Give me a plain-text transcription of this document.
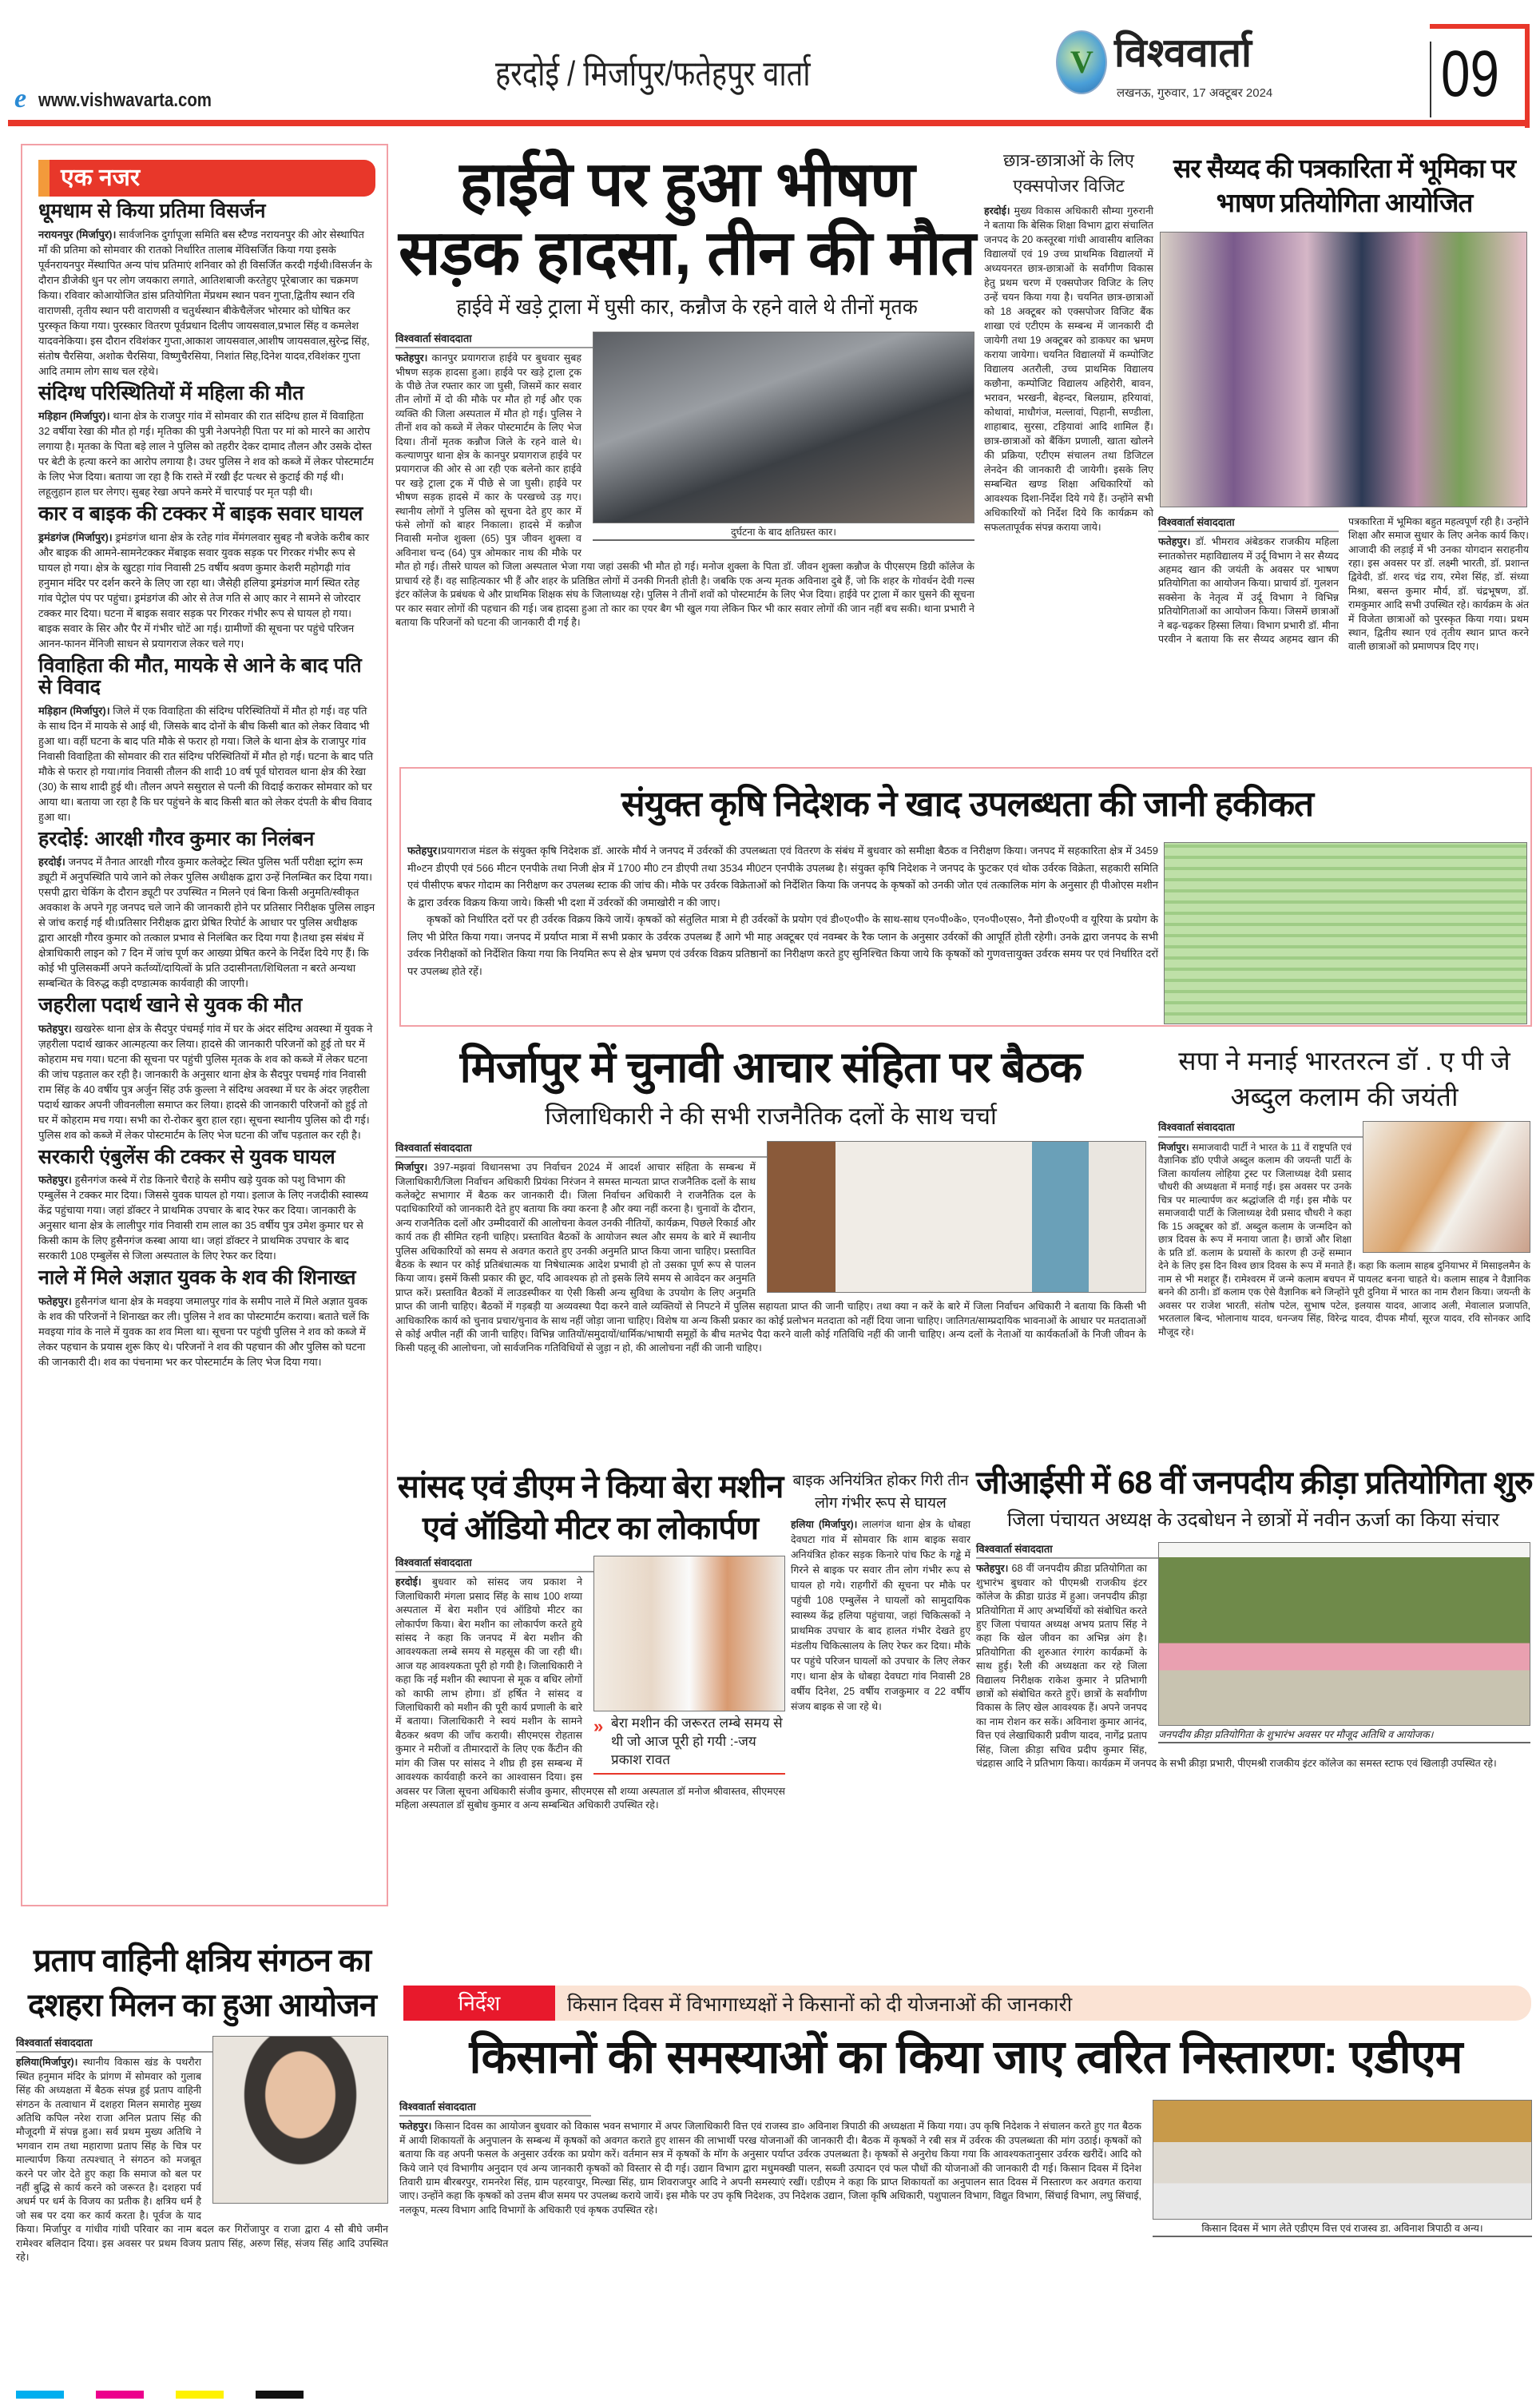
e www.vishwavarta.com
हरदोई / मिर्जापुर/फतेहपुर वार्ता	V विश्ववार्ता
लखनऊ, गुरुवार, 17 अक्टूबर 2024	09
एक नजर
धूमधाम से किया प्रतिमा विसर्जन
नरायनपुर (मिर्जापुर)। सार्वजनिक दुर्गापूजा समिति बस स्टैण्ड नरायनपुर की ओर सेस्थापित माँ की प्रतिमा को सोमवार की रातको निर्धारित तालाब मेंविसर्जित किया गया इसके पूर्वनरायनपुर मेंस्थापित अन्य पांच प्रतिमाएं शनिवार को ही विसर्जित करदी गईथी।विसर्जन के दौरान डीजेकी धुन पर लोग जयकारा लगाते, आतिशबाजी करतेहुए पूरेबाजार का चक्रमण किया। रविवार कोआयोजित डांस प्रतियोगिता मेंप्रथम स्थान पवन गुप्ता,द्वितीय स्थान रवि वाराणसी, तृतीय स्थान परी वाराणसी व चतुर्थस्थान बीकेचैलेंजर भोरमार को घोषित कर पुरस्कृत किया गया। पुरस्कार वितरण पूर्वप्रधान दिलीप जायसवाल,प्रभाल सिंह व कमलेश यादवनेकिया। इस दौरान रविशंकर गुप्ता,आकाश जायसवाल,आशीष जायसवाल,सुरेन्द्र सिंह, संतोष चैरसिया, अशोक चैरसिया, विष्णुचैरसिया, निशांत सिह,दिनेश यादव,रविशंकर गुप्ता आदि तमाम लोग साथ चल रहेथे।
संदिग्ध परिस्थितियों में महिला की मौत
मड़िहान (मिर्जापुर)। थाना क्षेत्र के राजपुर गांव में सोमवार की रात संदिग्ध हाल में विवाहिता 32 वर्षीया रेखा की मौत हो गई। मृतिका की पुत्री नेअपनेही पिता पर मां को मारने का आरोप लगाया है। मृतका के पिता बड़े लाल ने पुलिस को तहरीर देकर दामाद तौलन और उसके दोस्त पर बेटी के हत्या करने का आरोप लगाया है। उधर पुलिस ने शव को कब्जे में लेकर पोस्टमार्टम के लिए भेज दिया। बताया जा रहा है कि रास्ते में रखी ईंट पत्थर से कुटाई की गई थी। लहूलुहान हाल घर लेगए। सुबह रेखा अपने कमरे में चारपाई पर मृत पड़ी थी।
कार व बाइक की टक्कर में बाइक सवार घायल
ड्रमंडगंज (मिर्जापुर)। ड्रमंडगंज थाना क्षेत्र के रतेह गांव मेंमंगलवार सुबह नौ बजेके करीब कार और बाइक की आमने-सामनेटक्कर मेंबाइक सवार युवक सड़क पर गिरकर गंभीर रूप से घायल हो गया। क्षेत्र के खुटहा गांव निवासी 25 वर्षीय श्रवण कुमार केशरी महोगढ़ी गांव हनुमान मंदिर पर दर्शन करने के लिए जा रहा था। जैसेही हलिया ड्रमंडगंज मार्ग स्थित रतेह गांव पेट्रोल पंप पर पहुंचा। ड्रमंडगंज की ओर से तेज गति से आए कार ने सामने से जोरदार टक्कर मार दिया। घटना में बाइक सवार सड़क पर गिरकर गंभीर रूप से घायल हो गया। बाइक सवार के सिर और पैर में गंभीर चोटें आ गई। ग्रामीणों की सूचना पर पहुंचे परिजन आनन-फानन मेंनिजी साधन से प्रयागराज लेकर चले गए।
विवाहिता की मौत, मायके से आने के बाद पति से विवाद
मड़िहान (मिर्जापुर)। जिले में एक विवाहिता की संदिग्ध परिस्थितियों में मौत हो गई। वह पति के साथ दिन में मायके से आई थी, जिसके बाद दोनों के बीच किसी बात को लेकर विवाद भी हुआ था। वहीं घटना के बाद पति मौके से फरार हो गया। जिले के थाना क्षेत्र के राजापुर गांव निवासी विवाहिता की सोमवार की रात संदिग्ध परिस्थितियों में मौत हो गई। घटना के बाद पति मौके से फरार हो गया।गांव निवासी तौलन की शादी 10 वर्ष पूर्व घोरावल थाना क्षेत्र की रेखा (30) के साथ शादी हुई थी। तौलन अपने ससुराल से पत्नी की विदाई कराकर सोमवार को घर आया था। बताया जा रहा है कि घर पहुंचने के बाद किसी बात को लेकर दंपती के बीच विवाद हुआ था।
हरदोई: आरक्षी गौरव कुमार का निलंबन
हरदोई। जनपद में तैनात आरक्षी गौरव कुमार कलेक्ट्रेट स्थित पुलिस भर्ती परीक्षा स्ट्रांग रूम ड्यूटी में अनुपस्थिति पाये जाने को लेकर पुलिस अधीक्षक द्वारा उन्हें निलम्बित कर दिया गया।एसपी द्वारा चेकिंग के दौरान ड्यूटी पर उपस्थित न मिलने एवं बिना किसी अनुमति/स्वीकृत अवकाश के अपने गृह जनपद चले जाने की जानकारी होने पर प्रतिसार निरीक्षक पुलिस लाइन से जांच कराई गई थी।प्रतिसार निरीक्षक द्वारा प्रेषित रिपोर्ट के आधार पर पुलिस अधीक्षक द्वारा आरक्षी गौरव कुमार को तत्काल प्रभाव से निलंबित कर दिया गया है।तथा इस संबंध में क्षेत्राधिकारी लाइन को 7 दिन में जांच पूर्ण कर आख्या प्रेषित करने के निर्देश दिये गए हैं। कि कोई भी पुलिसकर्मी अपने कर्तव्यों/दायित्वों के प्रति उदासीनता/शिथिलता न बरते अन्यथा सम्बन्धित के विरुद्ध कड़ी दण्डात्मक कार्यवाही की जाएगी।
जहरीला पदार्थ खाने से युवक की मौत
फतेहपुर। खखरेरू थाना क्षेत्र के सैदपुर पंचमई गांव में घर के अंदर संदिग्ध अवस्था में युवक ने ज़हरीला पदार्थ खाकर आत्महत्या कर लिया। हादसे की जानकारी परिजनों को हुई तो घर में कोहराम मच गया। घटना की सूचना पर पहुंची पुलिस मृतक के शव को कब्जे में लेकर घटना की जांच पड़ताल कर रही है। जानकारी के अनुसार थाना क्षेत्र के सैदपुर पचमई गांव निवासी राम सिंह के 40 वर्षीय पुत्र अर्जुन सिंह उर्फ कुल्ला ने संदिग्ध अवस्था में घर के अंदर ज़हरीला पदार्थ खाकर अपनी जीवनलीला समाप्त कर लिया। हादसे की जानकारी परिजनों को हुई तो घर में कोहराम मच गया। सभी का रो-रोकर बुरा हाल रहा। सूचना स्थानीय पुलिस को दी गई। पुलिस शव को कब्जे में लेकर पोस्टमार्टम के लिए भेज घटना की जाँच पड़ताल कर रही है।
सरकारी एंबुलेंस की टक्कर से युवक घायल
फतेहपुर। हुसैनगंज कस्बे में रोड किनारे चैराहे के समीप खड़े युवक को पशु विभाग की एम्बुलेंस ने टक्कर मार दिया। जिससे युवक घायल हो गया। इलाज के लिए नजदीकी स्वास्थ्य केंद्र पहुंचाया गया। जहां डॉक्टर ने प्राथमिक उपचार के बाद रेफर कर दिया। जानकारी के अनुसार थाना क्षेत्र के लालीपुर गांव निवासी राम लाल का 35 वर्षीय पुत्र उमेश कुमार घर से किसी काम के लिए हुसैनगंज कस्बा आया था। जहां डॉक्टर ने प्राथमिक उपचार के बाद सरकारी 108 एम्बुलेंस से जिला अस्पताल के लिए रेफर कर दिया।
नाले में मिले अज्ञात युवक के शव की शिनाख्त
फतेहपुर। हुसैनगंज थाना क्षेत्र के मवइया जमालपुर गांव के समीप नाले में मिले अज्ञात युवक के शव की परिजनों ने शिनाख्त कर ली। पुलिस ने शव का पोस्टमार्टम कराया। बताते चलें कि मवइया गांव के नाले में युवक का शव मिला था। सूचना पर पहुंची पुलिस ने शव को कब्जे में लेकर पहचान के प्रयास शुरू किए थे। परिजनों ने शव की पहचान की और पुलिस को घटना की जानकारी दी। शव का पंचनामा भर कर पोस्टमार्टम के लिए भेज दिया गया।
हाईवे पर हुआ भीषण
सड़क हादसा, तीन की मौत
हाईवे में खड़े ट्राला में घुसी कार, कन्नौज के रहने वाले थे तीनों मृतक
दुर्घटना के बाद क्षतिग्रस्त कार।
विश्ववार्ता संवाददाता
फतेहपुर। कानपुर प्रयागराज हाईवे पर बुधवार सुबह भीषण सड़क हादसा हुआ। हाईवे पर खड़े ट्राला ट्रक के पीछे तेज रफ्तार कार जा घुसी, जिसमें कार सवार तीन लोगों में दो की मौके पर मौत हो गई और एक व्यक्ति की जिला अस्पताल में मौत हो गई। पुलिस ने तीनों शव को कब्जे में लेकर पोस्टमार्टम के लिए भेज दिया। तीनों मृतक कन्नौज जिले के रहने वाले थे। कल्याणपुर थाना क्षेत्र के कानपुर प्रयागराज हाईवे पर प्रयागराज की ओर से आ रही एक बलेनो कार हाईवे पर खड़े ट्राला ट्रक में पीछे से जा घुसी। हाईवे पर भीषण सड़क हादसे में कार के परखच्चे उड़ गए। स्थानीय लोगों ने पुलिस को सूचना देते हुए कार में फंसे लोगों को बाहर निकाला। हादसे में कन्नौज निवासी मनोज शुक्ला (65) पुत्र जीवन शुक्ला व अविनाश चन्द (64) पुत्र ओमकार नाथ की मौके पर मौत हो गई। तीसरे घायल को जिला अस्पताल भेजा गया जहां उसकी भी मौत हो गई। मनोज शुक्ला के पिता डॉ. जीवन शुक्ला कन्नौज के पीएसएम डिग्री कॉलेज के प्राचार्य रहे हैं। वह साहित्यकार भी हैं और शहर के प्रतिष्ठित लोगों में उनकी गिनती होती है। जबकि एक अन्य मृतक अविनाश दुबे हैं, जो कि शहर के गोवर्धन देवी गल्स इंटर कॉलेज के प्रबंधक थे और प्राथमिक शिक्षक संघ के जिलाध्यक्ष रहे। पुलिस ने तीनों शवों को पोस्टमार्टम के लिए भेज दिया। हाईवे पर ट्राला में कार घुसने की सूचना पर कार सवार लोगों की पहचान की गई। जब हादसा हुआ तो कार का एयर बैग भी खुल गया लेकिन फिर भी कार सवार लोगों की जान नहीं बच सकी। थाना प्रभारी ने बताया कि परिजनों को घटना की जानकारी दी गई है।
छात्र-छात्राओं के लिए एक्सपोजर विजिट
हरदोई। मुख्य विकास अधिकारी सौम्या गुरुरानी ने बताया कि बेसिक शिक्षा विभाग द्वारा संचालित जनपद के 20 कस्तूरबा गांधी आवासीय बालिका विद्यालयों एवं 19 उच्च प्राथमिक विद्यालयों में अध्ययनरत छात्र-छात्राओं के सर्वांगीण विकास हेतु प्रथम चरण में एक्सपोजर विजिट के लिए उन्हें चयन किया गया है। चयनित छात्र-छात्राओं को 18 अक्टूबर को एक्सपोजर विजिट बैंक शाखा एवं एटीएम के सम्बन्ध में जानकारी दी जायेगी तथा 19 अक्टूबर को डाकघर का भ्रमण कराया जायेगा। चयनित विद्यालयों में कम्पोजिट विद्यालय अतरौली, उच्च प्राथमिक विद्यालय कछौना, कम्पोजिट विद्यालय अहिरोरी, बावन, भरावन, भरखनी, बेहन्दर, बिलग्राम, हरियावां, कोथावां, माधौगंज, मल्लावां, पिहानी, सण्डीला, शाहाबाद, सुरसा, टड़ियावां आदि शामिल हैं। छात्र-छात्राओं को बैंकिंग प्रणाली, खाता खोलने की प्रक्रिया, एटीएम संचालन तथा डिजिटल लेनदेन की जानकारी दी जायेगी। इसके लिए सम्बन्धित खण्ड शिक्षा अधिकारियों को आवश्यक दिशा-निर्देश दिये गये हैं। उन्होंने सभी अधिकारियों को निर्देश दिये कि कार्यक्रम को सफलतापूर्वक संपन्न कराया जाये।
सर सैय्यद की पत्रकारिता में भूमिका पर भाषण प्रतियोगिता आयोजित
विश्ववार्ता संवाददाता
फतेहपुर। डॉ. भीमराव अंबेडकर राजकीय महिला स्नातकोत्तर महाविद्यालय में उर्दू विभाग ने सर सैय्यद अहमद खान की जयंती के अवसर पर भाषण प्रतियोगिता का आयोजन किया। प्राचार्य डॉ. गुलशन सक्सेना के नेतृत्व में उर्दू विभाग ने विभिन्न प्रतियोगिताओं का आयोजन किया। जिसमें छात्राओं ने बढ़-चढ़कर हिस्सा लिया। विभाग प्रभारी डॉ. मीना परवीन ने बताया कि सर सैय्यद अहमद खान की पत्रकारिता में भूमिका बहुत महत्वपूर्ण रही है। उन्होंने शिक्षा और समाज सुधार के लिए अनेक कार्य किए। आजादी की लड़ाई में भी उनका योगदान सराहनीय रहा। इस अवसर पर डॉ. लक्ष्मी भारती, डॉ. प्रशान्त द्विवेदी, डॉ. शरद चंद्र राय, रमेश सिंह, डॉ. संध्या मिश्रा, बसन्त कुमार मौर्य, डॉ. चंद्रभूषण, डॉ. रामकुमार आदि सभी उपस्थित रहे। कार्यक्रम के अंत में विजेता छात्राओं को पुरस्कृत किया गया। प्रथम स्थान, द्वितीय स्थान एवं तृतीय स्थान प्राप्त करने वाली छात्राओं को प्रमाणपत्र दिए गए।
संयुक्त कृषि निदेशक ने खाद उपलब्धता की जानी हकीकत
फतेहपुर।प्रयागराज मंडल के संयुक्त कृषि निदेशक डॉ. आरके मौर्य ने जनपद में उर्वरकों की उपलब्धता एवं वितरण के संबंध में बुधवार को समीक्षा बैठक व निरीक्षण किया। जनपद में सहकारिता क्षेत्र में 3459 मी०टन डीएपी एवं 566 मीटन एनपीके तथा निजी क्षेत्र में 1700 मी0 टन डीएपी तथा 3534 मी0टन एनपीके उपलब्ध है। संयुक्त कृषि निदेशक ने जनपद के फुटकर एवं थोक उर्वरक विक्रेता, सहकारी समिति एवं पीसीएफ बफर गोदाम का निरीक्षण कर उपलब्ध स्टाक की जांच की। मौके पर उर्वरक विक्रेताओं को निर्देशित किया कि जनपद के कृषकों को उनकी जोत एवं तत्कालिक मांग के अनुसार ही पीओएस मशीन के द्वारा उर्वरक विक्रय किया जाये। किसी भी दशा में उर्वरकों की जमाखोरी न की जाए।

कृषकों को निर्धारित दरों पर ही उर्वरक विक्रय किये जायें। कृषकों को संतुलित मात्रा मे ही उर्वरकों के प्रयोग एवं डी०ए०पी० के साथ-साथ एन०पी०के०, एन०पी०एस०, नैनो डी०ए०पी व यूरिया के प्रयोग के लिए भी प्रेरित किया गया। जनपद में प्रर्याप्त मात्रा में सभी प्रकार के उर्वरक उपलब्ध हैं आगे भी माह अक्टूबर एवं नवम्बर के रैक प्लान के अनुसार उर्वरकों की आपूर्ति होती रहेगी। उनके द्वारा जनपद के सभी उर्वरक निरीक्षकों को निर्देशित किया गया कि नियमित रूप से क्षेत्र भ्रमण एवं उर्वरक विक्रय प्रतिष्ठानों का निरीक्षण करते हुए सुनिश्चित किया जाये कि कृषकों को गुणवत्तायुक्त उर्वरक समय पर एवं निर्धारित दरों पर उपलब्ध होते रहें।

मिर्जापुर में चुनावी आचार संहिता पर बैठक
जिलाधिकारी ने की सभी राजनैतिक दलों के साथ चर्चा
विश्ववार्ता संवाददाता
मिर्जापुर। 397-मझवां विधानसभा उप निर्वाचन 2024 में आदर्श आचार संहिता के सम्बन्ध में जिलाधिकारी/जिला निर्वाचन अधिकारी प्रियंका निरंजन ने समस्त मान्यता प्राप्त राजनैतिक दलों के साथ कलेक्ट्रेट सभागार में बैठक कर जानकारी दी। जिला निर्वाचन अधिकारी ने राजनैतिक दल के पदाधिकारियों को जानकारी देते हुए बताया कि क्या करना है और क्या नहीं करना है। चुनावों के दौरान, अन्य राजनैतिक दलों और उम्मीदवारों की आलोचना केवल उनकी नीतियों, कार्यक्रम, पिछले रिकार्ड और कार्य तक ही सीमित रहनी चाहिए। प्रस्तावित बैठकों के आयोजन स्थल और समय के बारे में स्थानीय पुलिस अधिकारियों को समय से अवगत कराते हुए उनकी अनुमति प्राप्त किया जाना चाहिए। प्रस्तावित बैठक के स्थान पर कोई प्रतिबंधात्मक या निषेधात्मक आदेश प्रभावी हो तो उसका पूर्ण रूप से पालन किया जाय। इसमें किसी प्रकार की छूट, यदि आवश्यक हो तो इसके लिये समय से आवेदन कर अनुमति प्राप्त करें। प्रस्तावित बैठकों में लाउडस्पीकर या ऐसी किसी अन्य सुविधा के उपयोग के लिए अनुमति प्राप्त की जानी चाहिए। बैठकों में गड़बड़ी या अव्यवस्था पैदा करने वाले व्यक्तियों से निपटने में पुलिस सहायता प्राप्त की जानी चाहिए। तथा क्या न करें के बारे में जिला निर्वाचन अधिकारी ने बताया कि किसी भी आधिकारिक कार्य को चुनाव प्रचार/चुनाव के साथ नहीं जोड़ा जाना चाहिए। विशेष या अन्य किसी प्रकार का कोई प्रलोभन मतदाता को नहीं दिया जाना चाहिए। जातिगत/साम्प्रदायिक भावनाओं के आधार पर मतदाताओं से कोई अपील नहीं की जानी चाहिए। विभिन्न जातियों/समुदायों/धार्मिक/भाषायी समूहों के बीच मतभेद पैदा करने वाली कोई गतिविधि नहीं की जानी चाहिए। अन्य दलों के नेताओं या कार्यकर्ताओं के निजी जीवन के किसी पहलू की आलोचना, जो सार्वजनिक गतिविधियों से जुड़ा न हो, की आलोचना नहीं की जानी चाहिए।
सपा ने मनाई भारतरत्न डॉ . ए पी जे अब्दुल कलाम की जयंती
विश्ववार्ता संवाददाता
मिर्जापुर। समाजवादी पार्टी ने भारत के 11 वें राष्ट्रपति एवं वैज्ञानिक डॉ0 एपीजे अब्दुल कलाम की जयन्ती पार्टी के जिला कार्यालय लोहिया ट्रस्ट पर जिलाध्यक्ष देवी प्रसाद चौधरी की अध्यक्षता में मनाई गई। इस अवसर पर उनके चित्र पर माल्यार्पण कर श्रद्धांजलि दी गई। इस मौके पर समाजवादी पार्टी के जिलाध्यक्ष देवी प्रसाद चौधरी ने कहा कि 15 अक्टूबर को डॉ. अब्दुल कलाम के जन्मदिन को छात्र दिवस के रूप में मनाया जाता है। छात्रों और शिक्षा के प्रति डॉ. कलाम के प्रयासों के कारण ही उन्हें सम्मान देने के लिए इस दिन विश्व छात्र दिवस के रूप में मनाते हैं। कहा कि कलाम साहब दुनियाभर में मिसाइलमैन के नाम से भी मशहूर हैं। रामेश्वरम में जन्मे कलाम बचपन में पायलट बनना चाहते थे। कलाम साहब ने वैज्ञानिक बनने की ठानी। डॉ कलाम एक ऐसे वैज्ञानिक बने जिन्होंने पूरी दुनिया में भारत का नाम रौशन किया। जयन्ती के अवसर पर राजेश भारती, संतोष पटेल, सुभाष पटेल, इलयास यादव, आजाद अली, मेवालाल प्रजापति, भरतलाल बिन्द, भोलानाथ यादव, धनन्जय सिंह, विरेन्द्र यादव, दीपक मौर्या, सूरज यादव, रवि सोनकर आदि मौजूद रहे।
सांसद एवं डीएम ने किया बेरा मशीन एवं ऑडियो मीटर का लोकार्पण
» बेरा मशीन की जरूरत लम्बे समय से थी जो आज पूरी हो गयी :-जय प्रकाश रावत
विश्ववार्ता संवाददाता
हरदोई। बुधवार को सांसद जय प्रकाश ने जिलाधिकारी मंगला प्रसाद सिंह के साथ 100 शय्या अस्पताल में बेरा मशीन एवं ऑडियो मीटर का लोकार्पण किया। बेरा मशीन का लोकार्पण करते हुये सांसद ने कहा कि जनपद में बेरा मशीन की आवश्यकता लम्बे समय से महसूस की जा रही थी। आज यह आवश्यकता पूरी हो गयी है। जिलाधिकारी ने कहा कि नई मशीन की स्थापना से मूक व बधिर लोगों को काफी लाभ होगा। डॉ हर्षित ने सांसद व जिलाधिकारी को मशीन की पूरी कार्य प्रणाली के बारे में बताया। जिलाधिकारी ने स्वयं मशीन के सामने बैठकर श्रवण की जाँच करायी। सीएमएस रोहतास कुमार ने मरीजों व तीमारदारों के लिए एक कैंटीन की मांग की जिस पर सांसद ने शीघ्र ही इस सम्बन्ध में आवश्यक कार्यवाही करने का आश्वासन दिया। इस अवसर पर जिला सूचना अधिकारी संजीव कुमार, सीएमएस सौ शय्या अस्पताल डॉ मनोज श्रीवास्तव, सीएमएस महिला अस्पताल डॉ सुबोध कुमार व अन्य सम्बन्धित अधिकारी उपस्थित रहे।
बाइक अनियंत्रित होकर गिरी तीन लोग गंभीर रूप से घायल
हलिया (मिर्जापुर)। लालगंज थाना क्षेत्र के धोबहा देवघटा गांव में सोमवार कि शाम बाइक सवार अनियंत्रित होकर सड़क किनारे पांच फिट के गड्ढे में गिरने से बाइक पर सवार तीन लोग गंभीर रूप से घायल हो गये। राहगीरों की सूचना पर मौके पर पहुंची 108 एम्बुलेंस ने घायलों को सामुदायिक स्वास्थ्य केंद्र हलिया पहुंचाया, जहां चिकित्सकों ने प्राथमिक उपचार के बाद हालत गंभीर देखते हुए मंडलीय चिकित्सालय के लिए रेफर कर दिया। मौके पर पहुंचे परिजन घायलों को उपचार के लिए लेकर गए। थाना क्षेत्र के धोबहा देवघटा गांव निवासी 28 वर्षीय दिनेश, 25 वर्षीय राजकुमार व 22 वर्षीय संजय बाइक से जा रहे थे।
जीआईसी में 68 वीं जनपदीय क्रीड़ा प्रतियोगिता शुरु
जिला पंचायत अध्यक्ष के उदबोधन ने छात्रों में नवीन ऊर्जा का किया संचार
जनपदीय क्रीड़ा प्रतियोगिता के शुभारंभ अवसर पर मौजूद अतिथि व आयोजक।
विश्ववार्ता संवाददाता
फतेहपुर। 68 वीं जनपदीय क्रीडा प्रतियोगिता का शुभारंभ बुधवार को पीएमश्री राजकीय इंटर कॉलेज के क्रीडा ग्राउंड में हुआ। जनपदीय क्रीड़ा प्रतियोगिता में आए अभ्यर्थियों को संबोधित करते हुए जिला पंचायत अध्यक्ष अभय प्रताप सिंह ने कहा कि खेल जीवन का अभिन्न अंग है। प्रतियोगिता की शुरुआत रंगारंग कार्यक्रमों के साथ हुई। रैली की अध्यक्षता कर रहे जिला विद्यालय निरीक्षक राकेश कुमार ने प्रतिभागी छात्रों को संबोधित करते हुऐं। छात्रों के सर्वांगीण विकास के लिए खेल आवश्यक हैं। अपने जनपद का नाम रोशन कर सकें। अविनाश कुमार आनंद, वित्त एवं लेखाधिकारी प्रवीण यादव, नागेंद्र प्रताप सिंह, जिला क्रीड़ा सचिव प्रदीप कुमार सिंह, चंद्रहास आदि ने प्रतिभाग किया। कार्यक्रम में जनपद के सभी क्रीड़ा प्रभारी, पीएमश्री राजकीय इंटर कॉलेज का समस्त स्टाफ एवं खिलाड़ी उपस्थित रहे।
प्रताप वाहिनी क्षत्रिय संगठन का दशहरा मिलन का हुआ आयोजन
विश्ववार्ता संवाददाता
हलिया(मिर्जापुर)। स्थानीय विकास खंड के पथरौरा स्थित हनुमान मंदिर के प्रांगण में सोमवार को गुलाब सिंह की अध्यक्षता में बैठक संपन्न हुई प्रताप वाहिनी संगठन के तत्वाधान में दशहरा मिलन समारोह मुख्य अतिथि कपिल नरेश राजा अनिल प्रताप सिंह की मौजूदगी में संपन्न हुआ। सर्व प्रथम मुख्य अतिथि ने भगवान राम तथा महाराणा प्रताप सिंह के चित्र पर माल्यार्पण किया तत्पश्चात् ने संगठन को मजबूत करने पर जोर देते हुए कहा कि समाज को बल पर नहीं बुद्धि से कार्य करने को जरूरत है। दशहरा पर्व अधर्म पर धर्म के विजय का प्रतीक है। क्षत्रिय धर्म है जो सब पर दया कर कार्य करता है। पूर्वज के याद किया। मिर्जापुर व गांधीव गांधी परिवार का नाम बदल कर गिरोंजापुर व राजा द्वारा 4 सौ बीघे जमीन रामेश्वर बलिदान दिया। इस अवसर पर प्रथम विजय प्रताप सिंह, अरुण सिंह, संजय सिंह आदि उपस्थित रहे।
निर्देश	किसान दिवस में विभागाध्यक्षों ने किसानों को दी योजनाओं की जानकारी
किसानों की समस्याओं का किया जाए त्वरित निस्तारण: एडीएम
किसान दिवस में भाग लेते एडीएम वित्त एवं राजस्व डा. अविनाश त्रिपाठी व अन्य।
विश्ववार्ता संवाददाता
फतेहपुर। किसान दिवस का आयोजन बुधवार को विकास भवन सभागार में अपर जिलाधिकारी वित्त एवं राजस्व डा० अविनाश त्रिपाठी की अध्यक्षता में किया गया। उप कृषि निदेशक ने संचालन करते हुए गत बैठक में आयी शिकायतों के अनुपालन के सम्बन्ध में कृषकों को अवगत कराते हुए शासन की लाभार्थी परख योजनाओं की जानकारी दी। बैठक में कृषकों ने रबी सत्र में उर्वरक की उपलब्धता की मांग उठाई। कृषकों को बताया कि वह अपनी फसल के अनुसार उर्वरक का प्रयोग करें। वर्तमान सत्र में कृषकों के मॉग के अनुसार पर्याप्त उर्वरक उपलब्धता है। कृषकों से अनुरोध किया गया कि आवश्यकतानुसार उर्वरक खरीदें। आदि को किये जाने एवं विभागीय अनुदान एवं अन्य जानकारी कृषकों को विस्तार से दी गई। उद्यान विभाग द्वारा मधुमक्खी पालन, सब्जी उत्पादन एवं फल पौधों की योजनाओं की जानकारी दी गई। किसान दिवस में दिनेश तिवारी ग्राम बीरबरपुर, रामनरेश सिंह, ग्राम पहरवापुर, मिल्खा सिंह, ग्राम शिवराजपुर आदि ने अपनी समस्याएं रखीं। एडीएम ने कहा कि प्राप्त शिकायतों का अनुपालन सात दिवस में निस्तारण कर अवगत कराया जाए। उन्होंने कहा कि कृषकों को उत्तम बीज समय पर उपलब्ध कराये जायें। इस मौके पर उप कृषि निदेशक, उप निदेशक उद्यान, जिला कृषि अधिकारी, पशुपालन विभाग, विद्युत विभाग, सिंचाई विभाग, लघु सिंचाई, नलकूप, मत्स्य विभाग आदि विभागों के अधिकारी एवं कृषक उपस्थित रहे।
